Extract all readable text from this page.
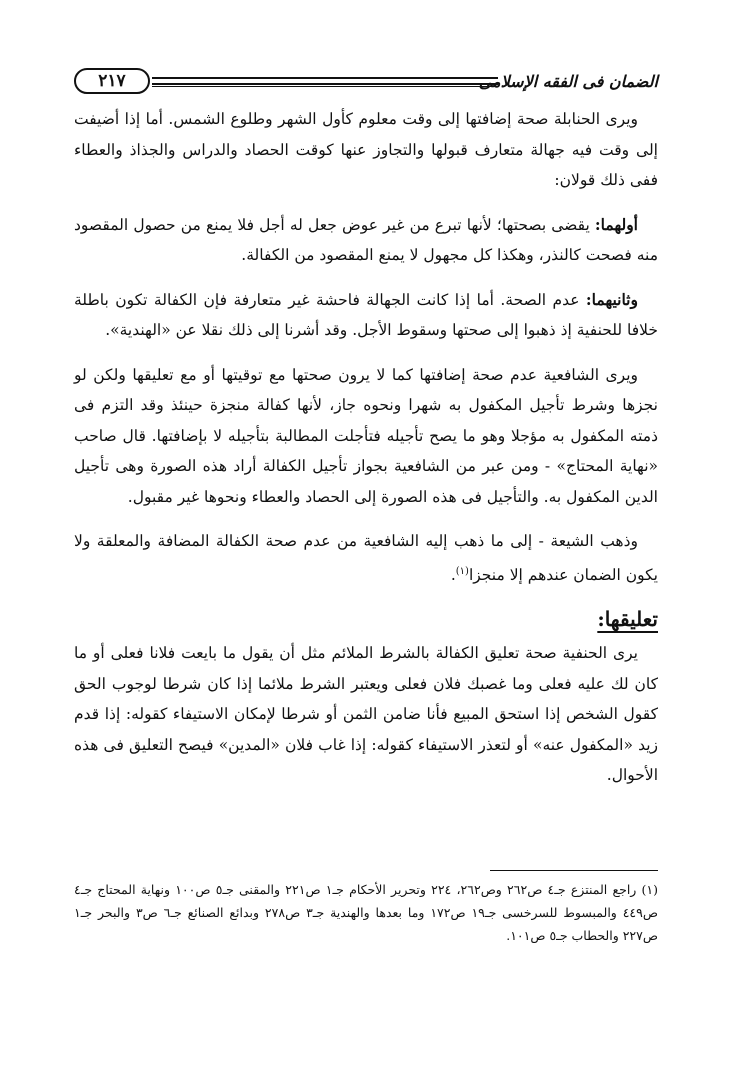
الضمان فى الفقه الإسلامى
٢١٧

ويرى الحنابلة صحة إضافتها إلى وقت معلوم كأول الشهر وطلوع الشمس. أما إذا أضيفت إلى وقت فيه جهالة متعارف قبولها والتجاوز عنها كوقت الحصاد والدراس والجذاذ والعطاء ففى ذلك قولان:

أولهما: يقضى بصحتها؛ لأنها تبرع من غير عوض جعل له أجل فلا يمنع من حصول المقصود منه فصحت كالنذر، وهكذا كل مجهول لا يمنع المقصود من الكفالة.

وثانيهما: عدم الصحة. أما إذا كانت الجهالة فاحشة غير متعارفة فإن الكفالة تكون باطلة خلافا للحنفية إذ ذهبوا إلى صحتها وسقوط الأجل. وقد أشرنا إلى ذلك نقلا عن «الهندية».

ويرى الشافعية عدم صحة إضافتها كما لا يرون صحتها مع توقيتها أو مع تعليقها ولكن لو نجزها وشرط تأجيل المكفول به شهرا ونحوه جاز، لأنها كفالة منجزة حينئذ وقد التزم فى ذمته المكفول به مؤجلا وهو ما يصح تأجيله فتأجلت المطالبة بتأجيله لا بإضافتها. قال صاحب «نهاية المحتاج» - ومن عبر من الشافعية بجواز تأجيل الكفالة أراد هذه الصورة وهى تأجيل الدين المكفول به. والتأجيل فى هذه الصورة إلى الحصاد والعطاء ونحوها غير مقبول.

وذهب الشيعة - إلى ما ذهب إليه الشافعية من عدم صحة الكفالة المضافة والمعلقة ولا يكون الضمان عندهم إلا منجزا$^{(١)}$.

تعليقها:

يرى الحنفية صحة تعليق الكفالة بالشرط الملائم مثل أن يقول ما بايعت فلانا فعلى أو ما كان لك عليه فعلى وما غصبك فلان فعلى ويعتبر الشرط ملائما إذا كان شرطا لوجوب الحق كقول الشخص إذا استحق المبيع فأنا ضامن الثمن أو شرطا لإمكان الاستيفاء كقوله: إذا قدم زيد «المكفول عنه» أو لتعذر الاستيفاء كقوله: إذا غاب فلان «المدين» فيصح التعليق فى هذه الأحوال.

(١) راجع المنتزع جـ٤ ص٢٦٢ وص٢٦٢، ٢٢٤ وتحرير الأحكام جـ١ ص٢٢١ والمقنى جـ٥ ص١٠٠ ونهاية المحتاج جـ٤ ص٤٤٩ والمبسوط للسرخسى جـ١٩ ص١٧٢ وما بعدها والهندية جـ٣ ص٢٧٨ وبدائع الصنائع جـ٦ ص٣ والبحر جـ١ ص٢٢٧ والحطاب جـ٥ ص١٠١.
